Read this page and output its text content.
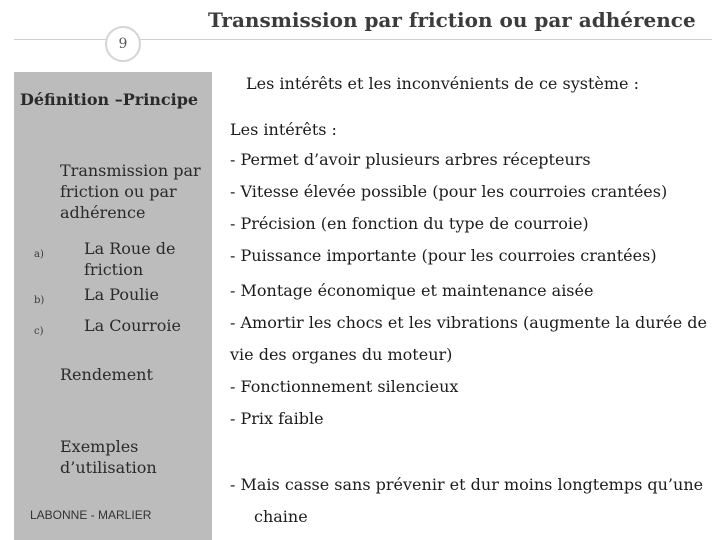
9
Transmission par friction ou par adhérence
Définition –Principe
Transmission par friction ou par adhérence
a)	La Roue de friction
b)	La Poulie
c)	La Courroie
Rendement
Exemples d’utilisation
LABONNE - MARLIER
Les intérêts et les inconvénients de ce système :
Les intérêts :
- Permet d’avoir plusieurs arbres récepteurs
- Vitesse élevée possible (pour les courroies crantées)
- Précision (en fonction du type de courroie)
- Puissance importante (pour les courroies crantées)
- Montage économique et maintenance aisée
- Amortir les chocs et les vibrations (augmente la durée de
vie des organes du moteur)
- Fonctionnement silencieux
- Prix faible
- Mais casse sans prévenir et dur moins longtemps qu’une
chaine
